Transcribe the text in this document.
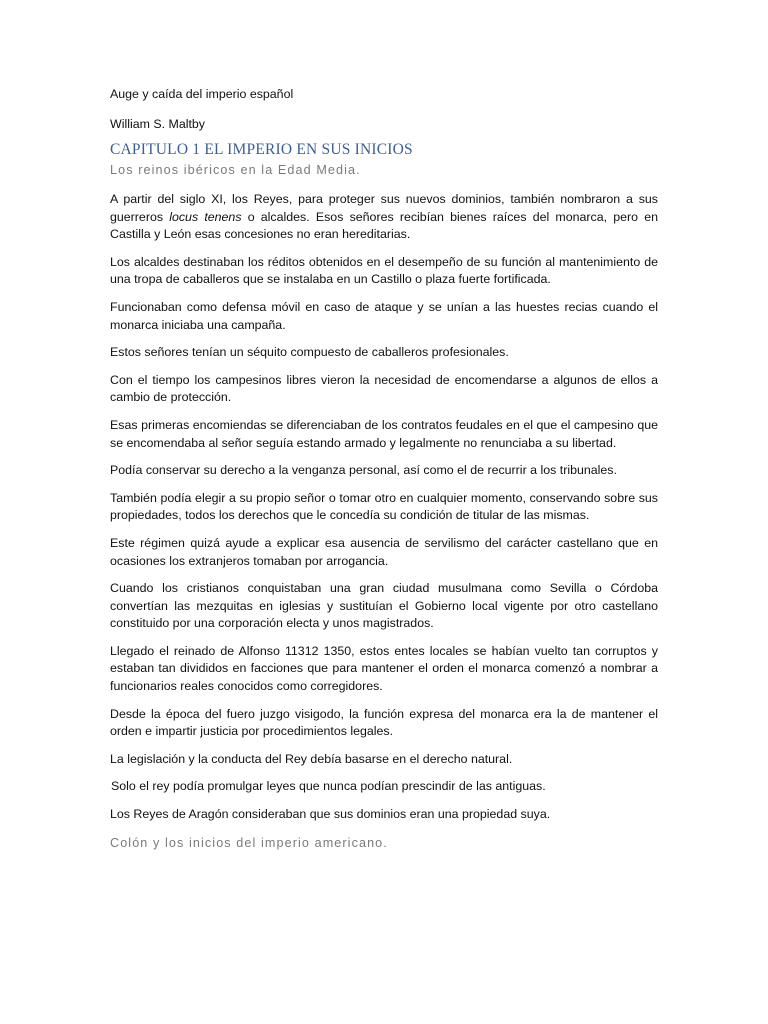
Auge y caída del imperio español
William S. Maltby
CAPITULO 1 EL IMPERIO EN SUS INICIOS
Los reinos ibéricos en la Edad Media.

A partir del siglo XI, los Reyes, para proteger sus nuevos dominios, también nombraron a sus guerreros locus tenens o alcaldes. Esos señores recibían bienes raíces del monarca, pero en Castilla y León esas concesiones no eran hereditarias.

Los alcaldes destinaban los réditos obtenidos en el desempeño de su función al mantenimiento de una tropa de caballeros que se instalaba en un Castillo o plaza fuerte fortificada.

Funcionaban como defensa móvil en caso de ataque y se unían a las huestes recias cuando el monarca iniciaba una campaña.

Estos señores tenían un séquito compuesto de caballeros profesionales.

Con el tiempo los campesinos libres vieron la necesidad de encomendarse a algunos de ellos a cambio de protección.

Esas primeras encomiendas se diferenciaban de los contratos feudales en el que el campesino que se encomendaba al señor seguía estando armado y legalmente no renunciaba a su libertad.

Podía conservar su derecho a la venganza personal, así como el de recurrir a los tribunales.

También podía elegir a su propio señor o tomar otro en cualquier momento, conservando sobre sus propiedades, todos los derechos que le concedía su condición de titular de las mismas.

Este régimen quizá ayude a explicar esa ausencia de servilismo del carácter castellano que en ocasiones los extranjeros tomaban por arrogancia.

Cuando los cristianos conquistaban una gran ciudad musulmana como Sevilla o Córdoba convertían las mezquitas en iglesias y sustituían el Gobierno local vigente por otro castellano constituido por una corporación electa y unos magistrados.

Llegado el reinado de Alfonso 11312 1350, estos entes locales se habían vuelto tan corruptos y estaban tan divididos en facciones que para mantener el orden el monarca comenzó a nombrar a funcionarios reales conocidos como corregidores.

Desde la época del fuero juzgo visigodo, la función expresa del monarca era la de mantener el orden e impartir justicia por procedimientos legales.

La legislación y la conducta del Rey debía basarse en el derecho natural.

Solo el rey podía promulgar leyes que nunca podían prescindir de las antiguas.

Los Reyes de Aragón consideraban que sus dominios eran una propiedad suya.

Colón y los inicios del imperio americano.
